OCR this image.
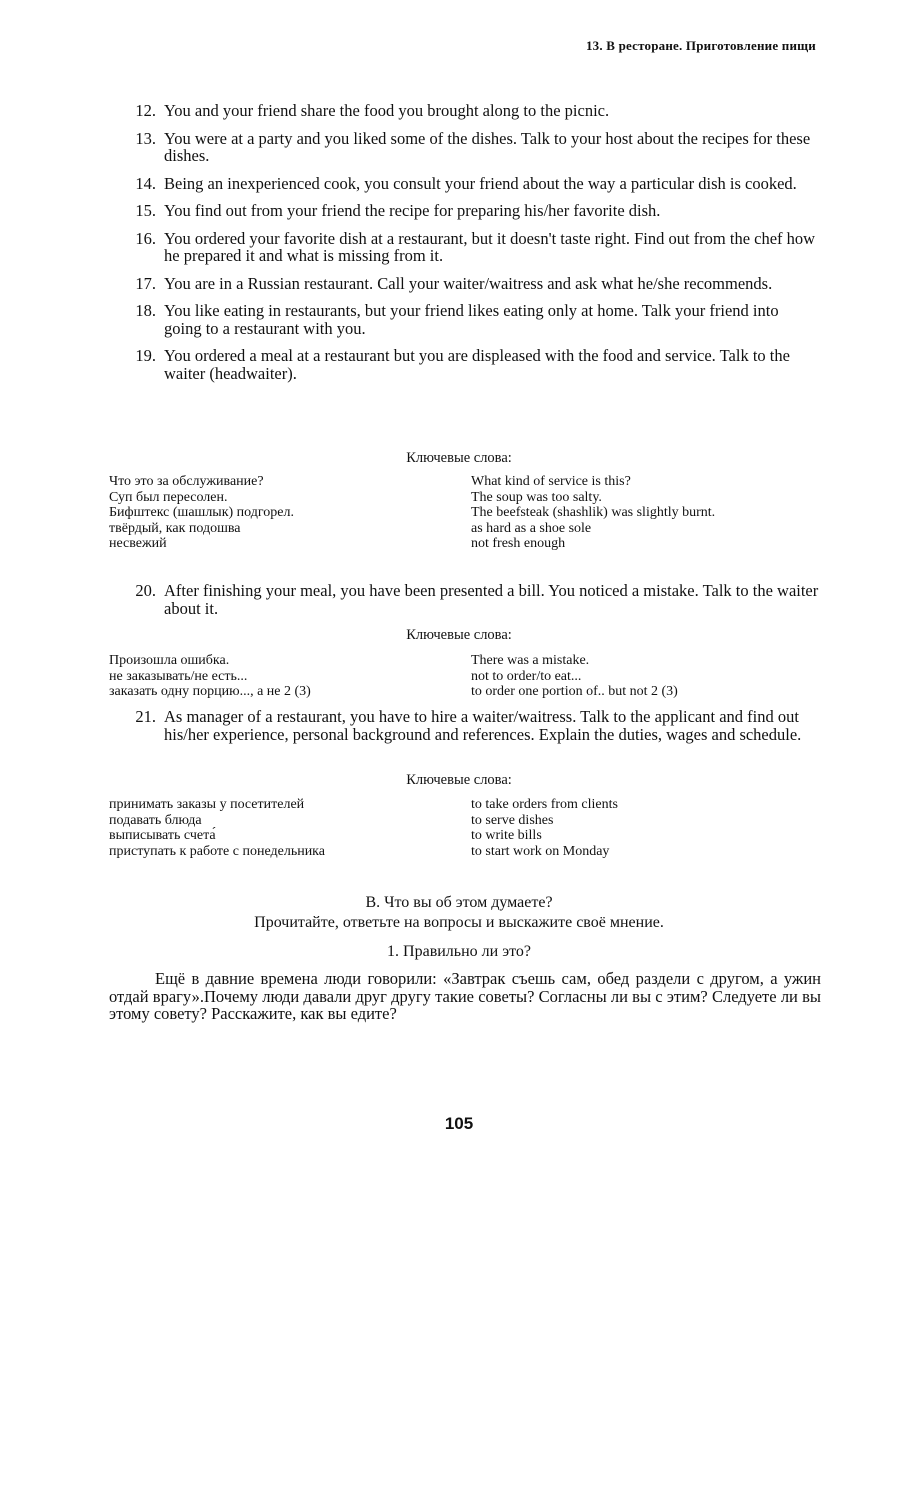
13. В ресторане. Приготовление пищи
12. You and your friend share the food you brought along to the picnic.
13. You were at a party and you liked some of the dishes. Talk to your host about the recipes for these dishes.
14. Being an inexperienced cook, you consult your friend about the way a particular dish is cooked.
15. You find out from your friend the recipe for preparing his/her favorite dish.
16. You ordered your favorite dish at a restaurant, but it doesn't taste right. Find out from the chef how he prepared it and what is missing from it.
17. You are in a Russian restaurant. Call your waiter/waitress and ask what he/she recommends.
18. You like eating in restaurants, but your friend likes eating only at home. Talk your friend into going to a restaurant with you.
19. You ordered a meal at a restaurant but you are displeased with the food and service. Talk to the waiter (headwaiter).
Ключевые слова:
Что это за обслуживание?	What kind of service is this?
Суп был пересолен.	The soup was too salty.
Бифштекс (шашлык) подгорел.	The beefsteak (shashlik) was slightly burnt.
твёрдый, как подошва	as hard as a shoe sole
несвежий	not fresh enough
20. After finishing your meal, you have been presented a bill. You noticed a mistake. Talk to the waiter about it.
Ключевые слова:
Произошла ошибка.	There was a mistake.
не заказывать/не есть...	not to order/to eat...
заказать одну порцию..., а не 2 (3)	to order one portion of.. but not 2 (3)
21. As manager of a restaurant, you have to hire a waiter/waitress. Talk to the applicant and find out his/her experience, personal background and references. Explain the duties, wages and schedule.
Ключевые слова:
принимать заказы у посетителей	to take orders from clients
подавать блюда	to serve dishes
выписывать счета́	to write bills
приступать к работе с понедельника	to start work on Monday
В. Что вы об этом думаете?
Прочитайте, ответьте на вопросы и выскажите своё мнение.
1. Правильно ли это?
Ещё в давние времена люди говорили: «Завтрак съешь сам, обед раздели с другом, а ужин отдай врагу».Почему люди давали друг другу такие советы? Согласны ли вы с этим? Следуете ли вы этому совету? Расскажите, как вы едите?
105
